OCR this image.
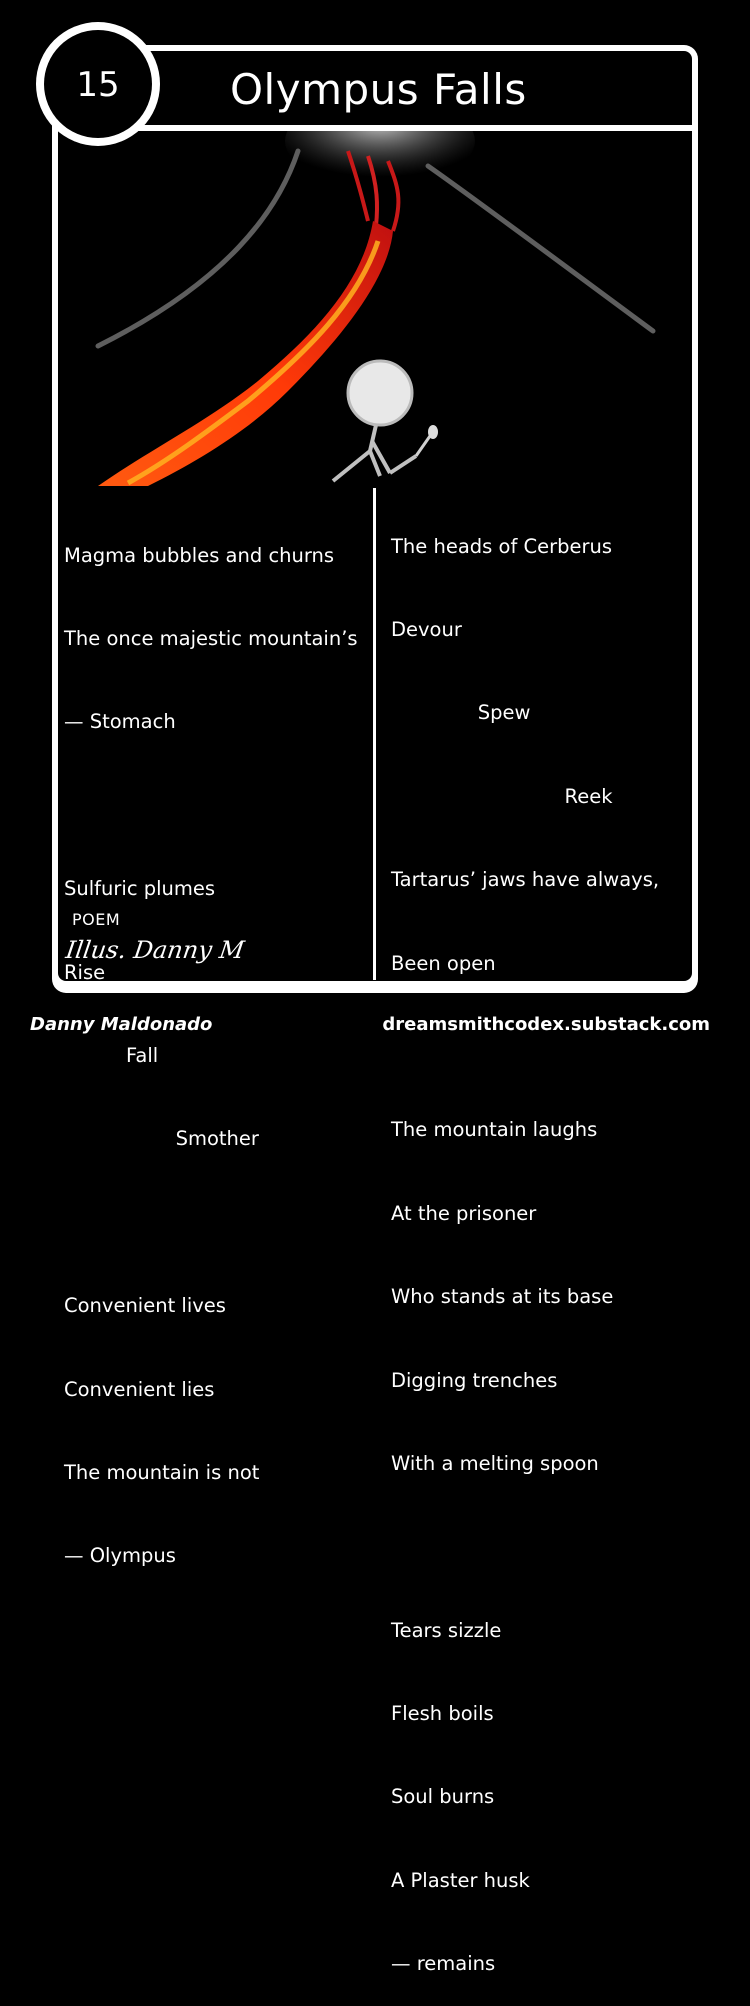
Olympus Falls
15

Magma bubbles and churns

The once majestic mountain’s

— Stomach

Sulfuric plumes

Rise

Fall

Smother

Convenient lives

Convenient lies

The mountain is not

— Olympus

The heads of Cerberus

Devour

Spew

Reek

Tartarus’ jaws have always,

Been open

The mountain laughs

At the prisoner

Who stands at its base

Digging trenches

With a melting spoon

Tears sizzle

Flesh boils

Soul burns

A Plaster husk

— remains

POEM
Illus. Danny M
Danny Maldonado	dreamsmithcodex.substack.com
